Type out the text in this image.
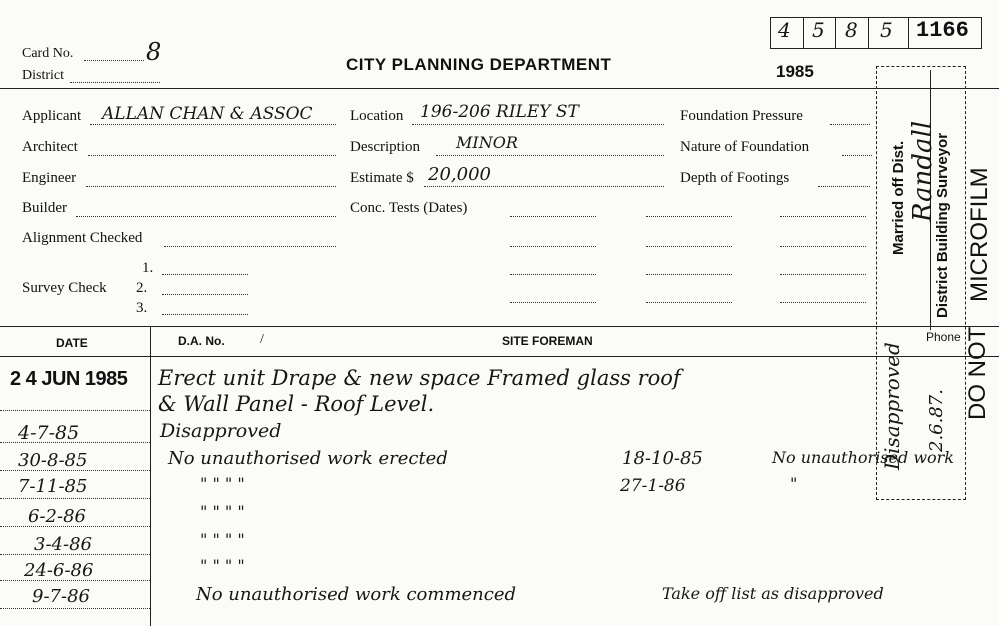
Card No.	8
District
CITY PLANNING DEPARTMENT
4 5 8 5 1166
1985
Applicant ALLAN CHAN & ASSOC
Architect
Engineer
Builder
Alignment Checked
Survey Check
1.
2.
3.
Location 196-206 RILEY ST
Description MINOR
Estimate $ 20,000
Conc. Tests (Dates)
Foundation Pressure
Nature of Foundation
Depth of Footings	Married off Dist. District Building Surveyor
Randall
Phone
Disapproved 2.6.87.
MICROFILM
DO NOT
DATE	D.A. No.	/	SITE FOREMAN
2 4 JUN 1985 Erect unit Drape & new space Framed glass roof
& Wall Panel - Roof Level.
4-7-85	Disapproved
30-8-85	No unauthorised work erected	18-10-85	No unauthorised work
7-11-85	" " " "	27-1-86	"
6-2-86	" " " "
3-4-86	" " " "
24-6-86	" " " "
9-7-86	No unauthorised work commenced	Take off list as disapproved
